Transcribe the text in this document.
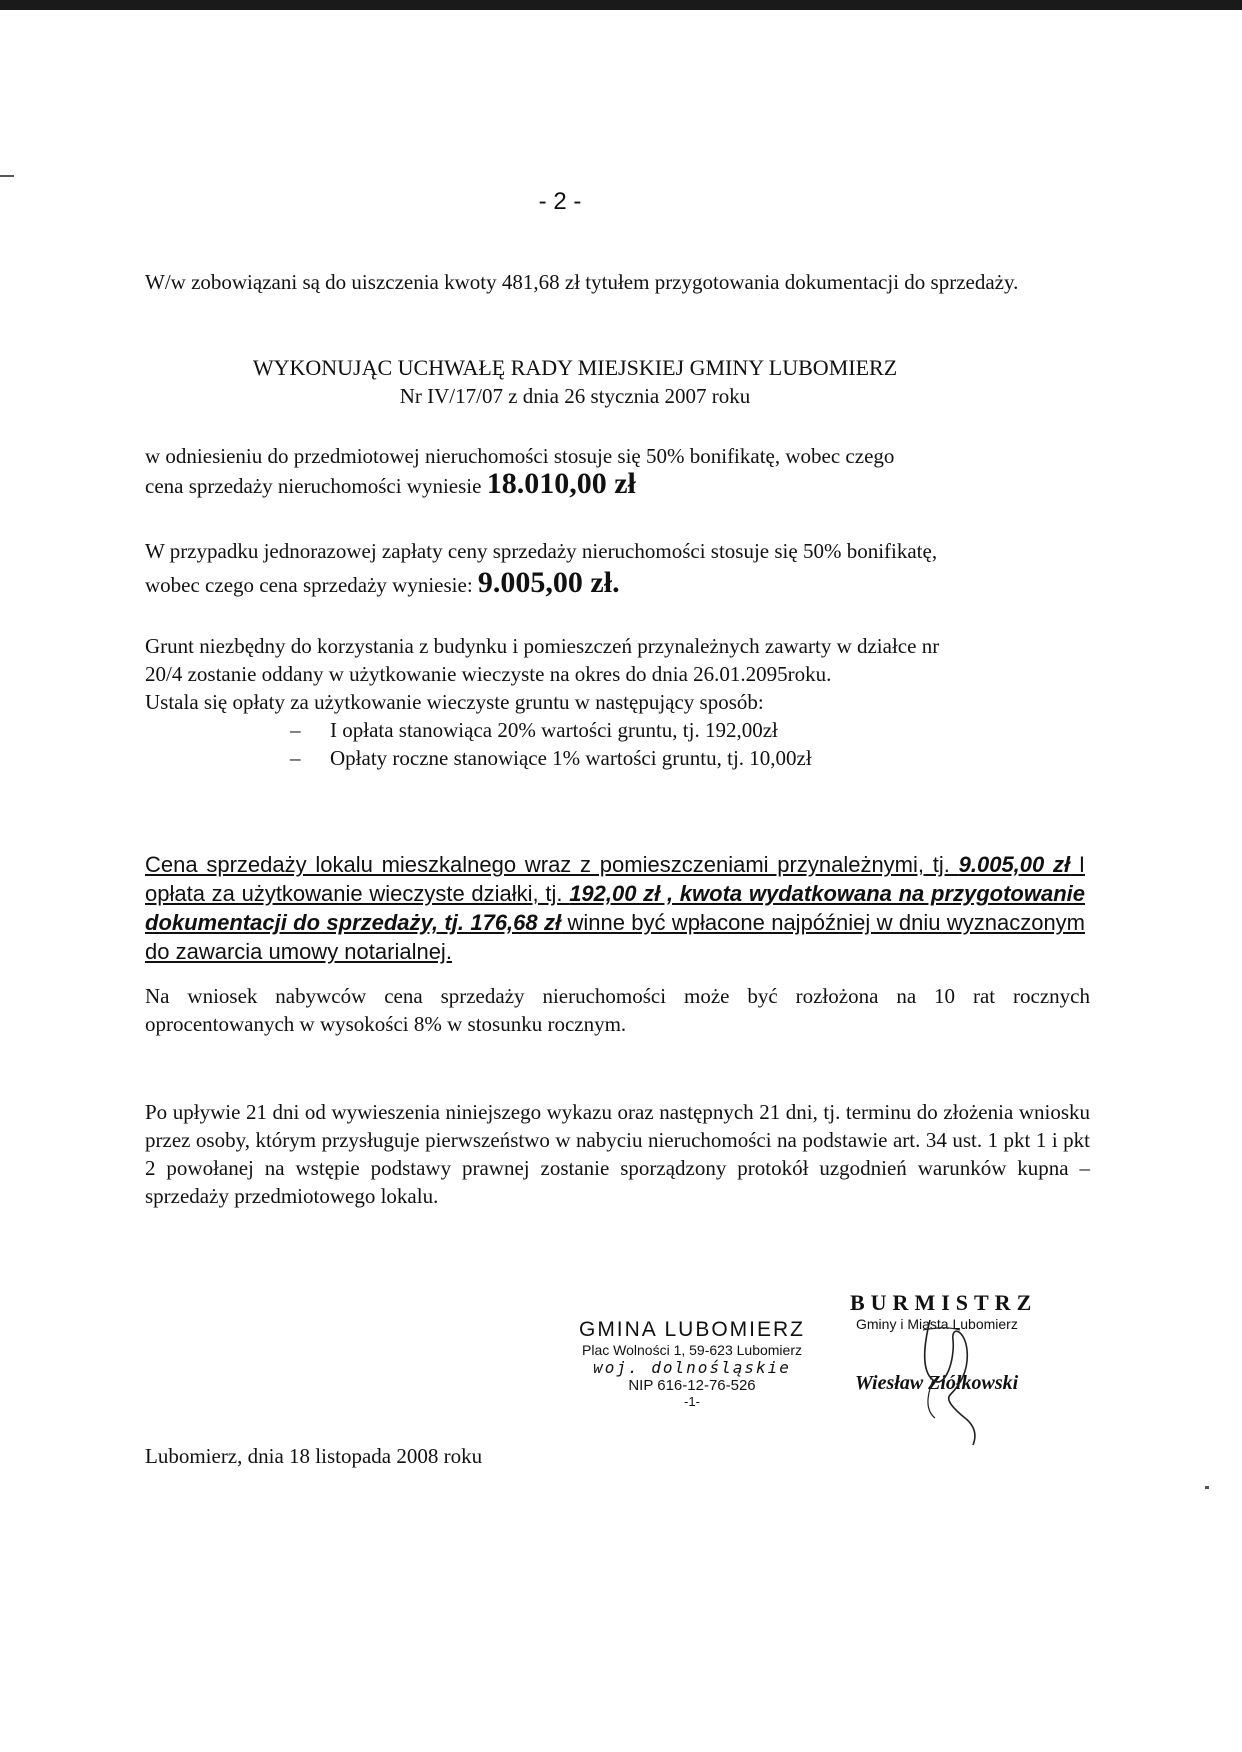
- 2 -

W/w zobowiązani są do uiszczenia kwoty 481,68 zł tytułem przygotowania dokumentacji do sprzedaży.

WYKONUJĄC UCHWAŁĘ RADY MIEJSKIEJ GMINY LUBOMIERZ
Nr IV/17/07 z dnia 26 stycznia 2007 roku
w odniesieniu do przedmiotowej nieruchomości stosuje się 50% bonifikatę, wobec czego
cena sprzedaży nieruchomości wyniesie 18.010,00 zł
W przypadku jednorazowej zapłaty ceny sprzedaży nieruchomości stosuje się 50% bonifikatę,
wobec czego cena sprzedaży wyniesie: 9.005,00 zł.
Grunt niezbędny do korzystania z budynku i pomieszczeń przynależnych zawarty w działce nr
20/4 zostanie oddany w użytkowanie wieczyste na okres do dnia 26.01.2095roku.
Ustala się opłaty za użytkowanie wieczyste gruntu w następujący sposób:
– I opłata stanowiąca 20% wartości gruntu, tj. 192,00zł
– Opłaty roczne stanowiące 1% wartości gruntu, tj. 10,00zł

Cena sprzedaży lokalu mieszkalnego wraz z pomieszczeniami przynależnymi, tj. 9.005,00 zł I opłata za użytkowanie wieczyste działki, tj. 192,00 zł , kwota wydatkowana na przygotowanie dokumentacji do sprzedaży, tj. 176,68 zł winne być wpłacone najpóźniej w dniu wyznaczonym do zawarcia umowy notarialnej.

Na wniosek nabywców cena sprzedaży nieruchomości może być rozłożona na 10 rat rocznych oprocentowanych w wysokości 8% w stosunku rocznym.

Po upływie 21 dni od wywieszenia niniejszego wykazu oraz następnych 21 dni, tj. terminu do złożenia wniosku przez osoby, którym przysługuje pierwszeństwo w nabyciu nieruchomości na podstawie art. 34 ust. 1 pkt 1 i pkt 2 powołanej na wstępie podstawy prawnej zostanie sporządzony protokół uzgodnień warunków kupna – sprzedaży przedmiotowego lokalu.

GMINA LUBOMIERZ
Plac Wolności 1, 59-623 Lubomierz
woj. dolnośląskie
NIP 616-12-76-526
-1-
BURMISTRZ
Gminy i Miasta Lubomierz
Wiesław Ziółkowski

Lubomierz, dnia 18 listopada 2008 roku
